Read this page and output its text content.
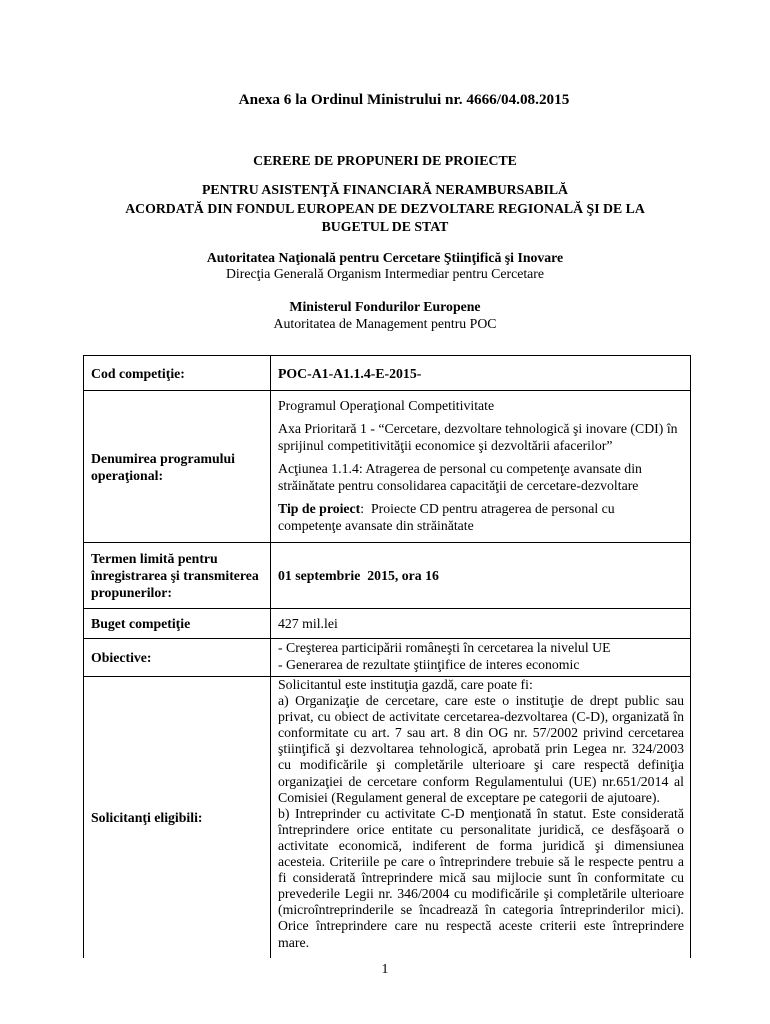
Anexa 6 la Ordinul Ministrului nr. 4666/04.08.2015
CERERE DE PROPUNERI DE PROIECTE
PENTRU ASISTENŢĂ FINANCIARĂ NERAMBURSABILĂ
ACORDATĂ DIN FONDUL EUROPEAN DE DEZVOLTARE REGIONALĂ ŞI DE LA
BUGETUL DE STAT
Autoritatea Naţională pentru Cercetare Ştiinţifică şi Inovare
Direcţia Generală Organism Intermediar pentru Cercetare
Ministerul Fondurilor Europene
Autoritatea de Management pentru POC
Cod competiţie:	POC-A1-A1.1.4-E-2015-
Denumirea programului
operaţional:
Programul Operaţional Competitivitate
Axa Prioritară 1 - “Cercetare, dezvoltare tehnologică şi inovare (CDI) în
sprijinul competitivităţii economice şi dezvoltării afacerilor”
Acţiunea 1.1.4: Atragerea de personal cu competenţe avansate din
străinătate pentru consolidarea capacităţii de cercetare-dezvoltare
Tip de proiect:  Proiecte CD pentru atragerea de personal cu
competenţe avansate din străinătate
Termen limită pentru
înregistrarea şi transmiterea
propunerilor:
01 septembrie  2015, ora 16
Buget competiţie	427 mil.lei
Obiective:
- Creşterea participării româneşti în cercetarea la nivelul UE
- Generarea de rezultate ştiinţifice de interes economic
Solicitanţi eligibili:
Solicitantul este instituţia gazdă, care poate fi:
a) Organizaţie de cercetare, care este o instituţie de drept public sau
privat, cu obiect de activitate cercetarea-dezvoltarea (C-D), organizată în
conformitate cu art. 7 sau art. 8 din OG nr. 57/2002 privind cercetarea
ştiinţifică şi dezvoltarea tehnologică, aprobată prin Legea nr. 324/2003
cu modificările şi completările ulterioare şi care respectă definiţia
organizaţiei de cercetare conform Regulamentului (UE) nr.651/2014 al
Comisiei (Regulament general de exceptare pe categorii de ajutoare).
b) Intreprinder cu activitate C-D menţionată în statut. Este considerată
întreprindere orice entitate cu personalitate juridică, ce desfăşoară o
activitate economică, indiferent de forma juridică şi dimensiunea
acesteia. Criteriile pe care o întreprindere trebuie să le respecte pentru a
fi considerată întreprindere mică sau mijlocie sunt în conformitate cu
prevederile Legii nr. 346/2004 cu modificările şi completările ulterioare
(microîntreprinderile se încadrează în categoria întreprinderilor mici).
Orice întreprindere care nu respectă aceste criterii este întreprindere
mare.
1
